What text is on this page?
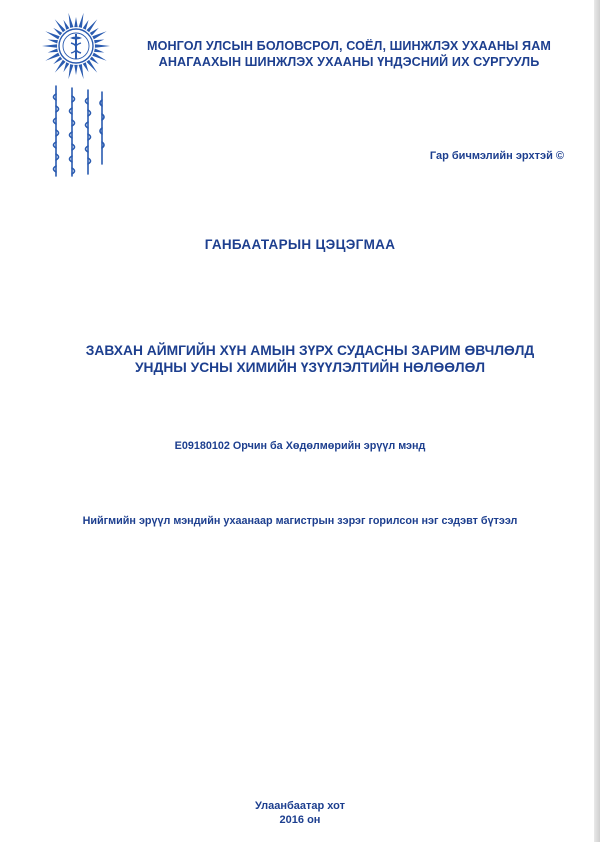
МОНГОЛ УЛСЫН БОЛОВСРОЛ, СОЁЛ, ШИНЖЛЭХ УХААНЫ ЯАМ
АНАГААХЫН ШИНЖЛЭХ УХААНЫ ҮНДЭСНИЙ ИХ СУРГУУЛЬ
Гар бичмэлийн эрхтэй ©
ГАНБААТАРЫН ЦЭЦЭГМАА
ЗАВХАН АЙМГИЙН ХҮН АМЫН ЗҮРХ СУДАСНЫ ЗАРИМ ӨВЧЛӨЛД
УНДНЫ УСНЫ ХИМИЙН ҮЗҮҮЛЭЛТИЙН НӨЛӨӨЛӨЛ
E09180102 Орчин ба Хөдөлмөрийн эрүүл мэнд
Нийгмийн эрүүл мэндийн ухаанаар магистрын зэрэг горилсон нэг сэдэвт бүтээл
Улаанбаатар хот
2016 он
